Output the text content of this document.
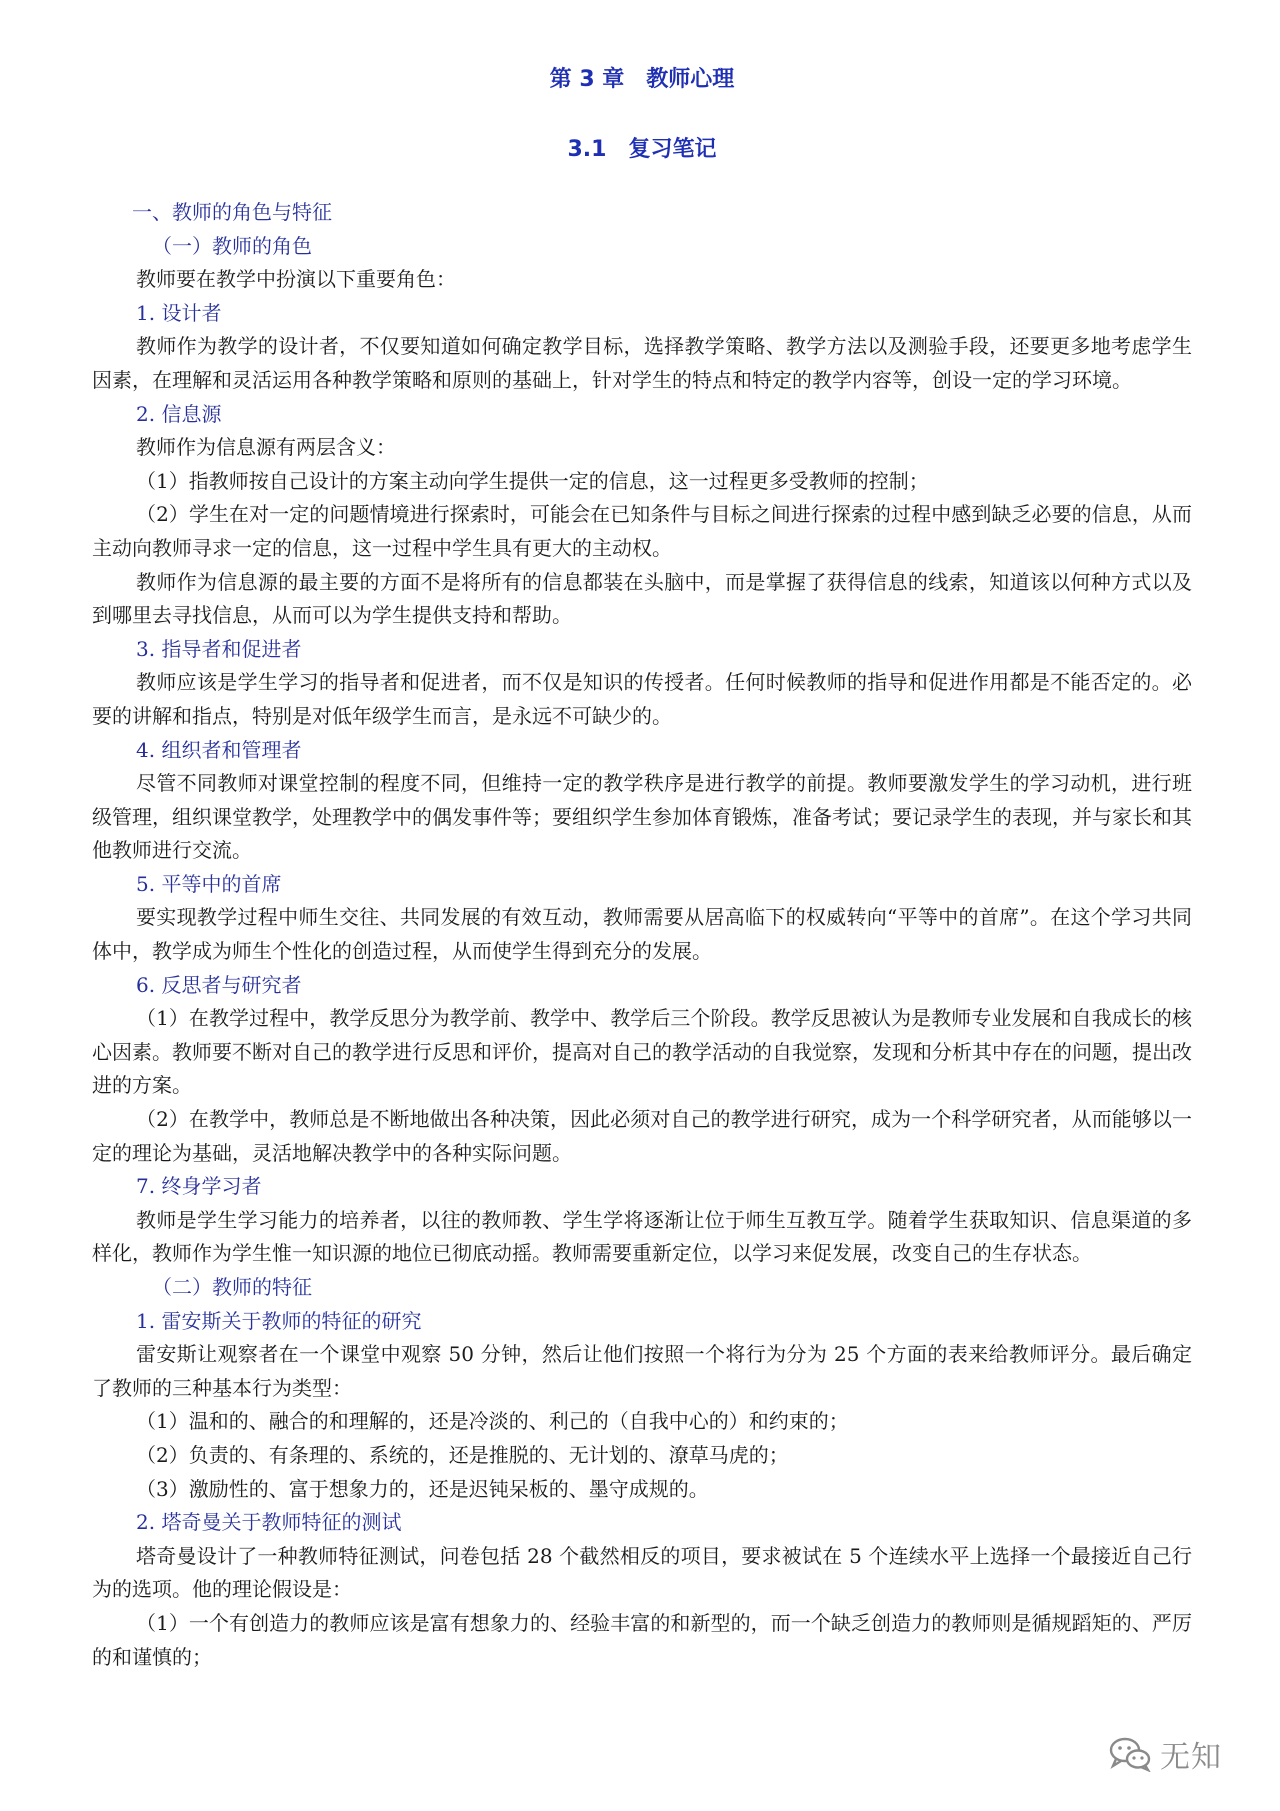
第 3 章　教师心理
3.1　复习笔记
一、教师的角色与特征
（一）教师的角色
教师要在教学中扮演以下重要角色：
1. 设计者
教师作为教学的设计者，不仅要知道如何确定教学目标，选择教学策略、教学方法以及测验手段，还要更多地考虑学生因素，在理解和灵活运用各种教学策略和原则的基础上，针对学生的特点和特定的教学内容等，创设一定的学习环境。
2. 信息源
教师作为信息源有两层含义：
（1）指教师按自己设计的方案主动向学生提供一定的信息，这一过程更多受教师的控制；
（2）学生在对一定的问题情境进行探索时，可能会在已知条件与目标之间进行探索的过程中感到缺乏必要的信息，从而主动向教师寻求一定的信息，这一过程中学生具有更大的主动权。
教师作为信息源的最主要的方面不是将所有的信息都装在头脑中，而是掌握了获得信息的线索，知道该以何种方式以及到哪里去寻找信息，从而可以为学生提供支持和帮助。
3. 指导者和促进者
教师应该是学生学习的指导者和促进者，而不仅是知识的传授者。任何时候教师的指导和促进作用都是不能否定的。必要的讲解和指点，特别是对低年级学生而言，是永远不可缺少的。
4. 组织者和管理者
尽管不同教师对课堂控制的程度不同，但维持一定的教学秩序是进行教学的前提。教师要激发学生的学习动机，进行班级管理，组织课堂教学，处理教学中的偶发事件等；要组织学生参加体育锻炼，准备考试；要记录学生的表现，并与家长和其他教师进行交流。
5. 平等中的首席
要实现教学过程中师生交往、共同发展的有效互动，教师需要从居高临下的权威转向“平等中的首席”。在这个学习共同体中，教学成为师生个性化的创造过程，从而使学生得到充分的发展。
6. 反思者与研究者
（1）在教学过程中，教学反思分为教学前、教学中、教学后三个阶段。教学反思被认为是教师专业发展和自我成长的核心因素。教师要不断对自己的教学进行反思和评价，提高对自己的教学活动的自我觉察，发现和分析其中存在的问题，提出改进的方案。
（2）在教学中，教师总是不断地做出各种决策，因此必须对自己的教学进行研究，成为一个科学研究者，从而能够以一定的理论为基础，灵活地解决教学中的各种实际问题。
7. 终身学习者
教师是学生学习能力的培养者，以往的教师教、学生学将逐渐让位于师生互教互学。随着学生获取知识、信息渠道的多样化，教师作为学生惟一知识源的地位已彻底动摇。教师需要重新定位，以学习来促发展，改变自己的生存状态。
（二）教师的特征
1. 雷安斯关于教师的特征的研究
雷安斯让观察者在一个课堂中观察 50 分钟，然后让他们按照一个将行为分为 25 个方面的表来给教师评分。最后确定了教师的三种基本行为类型：
（1）温和的、融合的和理解的，还是冷淡的、利己的（自我中心的）和约束的；
（2）负责的、有条理的、系统的，还是推脱的、无计划的、潦草马虎的；
（3）激励性的、富于想象力的，还是迟钝呆板的、墨守成规的。
2. 塔奇曼关于教师特征的测试
塔奇曼设计了一种教师特征测试，问卷包括 28 个截然相反的项目，要求被试在 5 个连续水平上选择一个最接近自己行为的选项。他的理论假设是：
（1）一个有创造力的教师应该是富有想象力的、经验丰富的和新型的，而一个缺乏创造力的教师则是循规蹈矩的、严厉的和谨慎的；
无知
